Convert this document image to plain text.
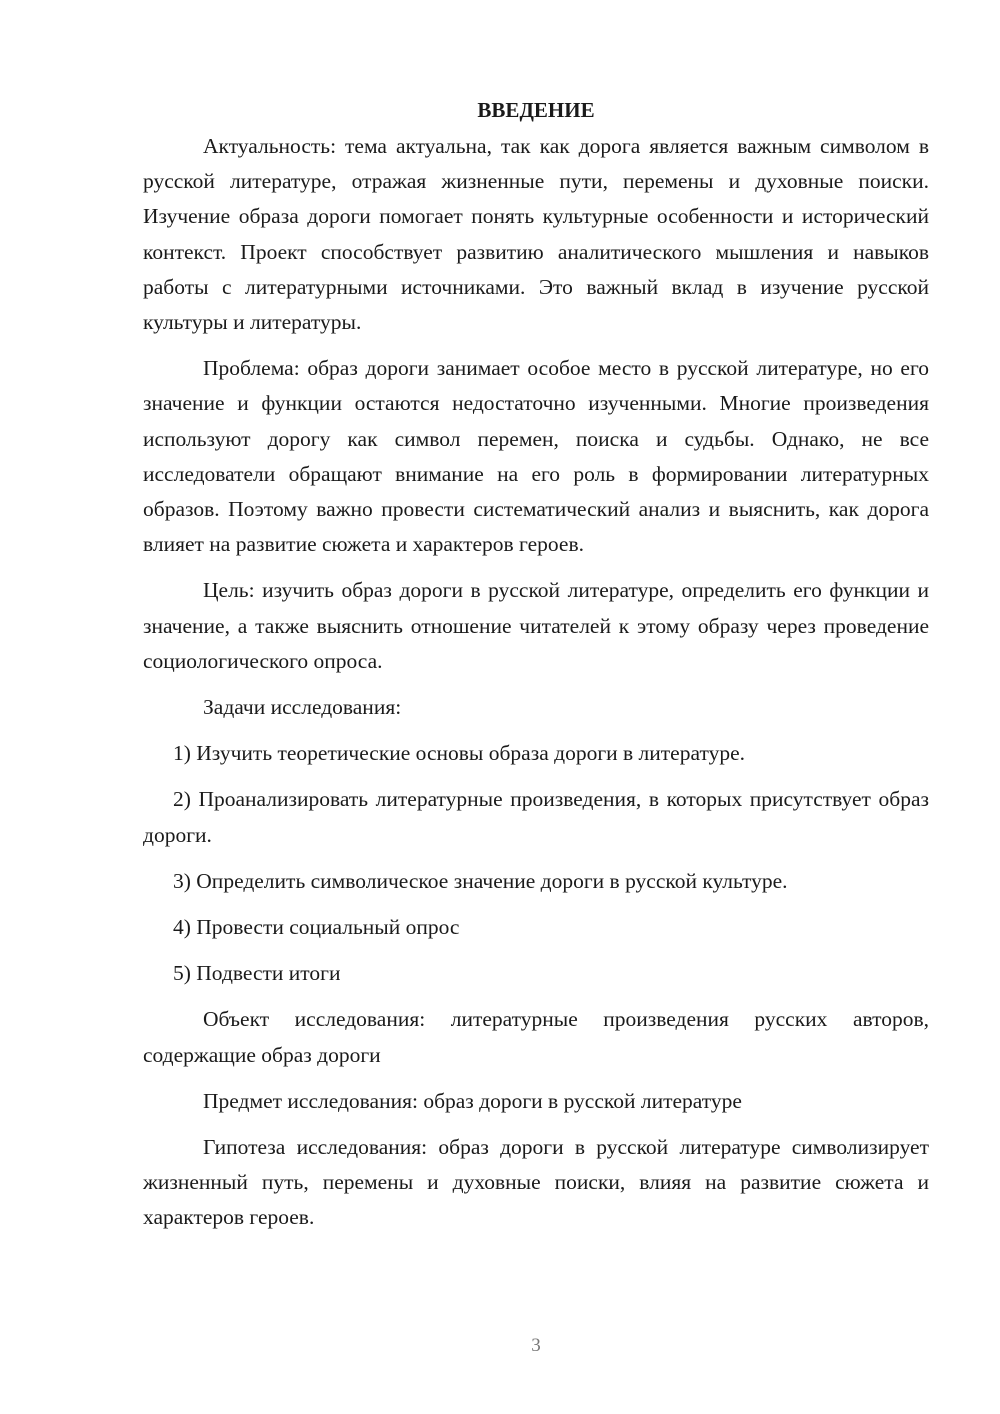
ВВЕДЕНИЕ

Актуальность: тема актуальна, так как дорога является важным символом в русской литературе, отражая жизненные пути, перемены и духовные поиски. Изучение образа дороги помогает понять культурные особенности и исторический контекст. Проект способствует развитию аналитического мышления и навыков работы с литературными источниками. Это важный вклад в изучение русской культуры и литературы.

Проблема: образ дороги занимает особое место в русской литературе, но его значение и функции остаются недостаточно изученными. Многие произведения используют дорогу как символ перемен, поиска и судьбы. Однако, не все исследователи обращают внимание на его роль в формировании литературных образов. Поэтому важно провести систематический анализ и выяснить, как дорога влияет на развитие сюжета и характеров героев.

Цель: изучить образ дороги в русской литературе, определить его функции и значение, а также выяснить отношение читателей к этому образу через проведение социологического опроса.

Задачи исследования:

1) Изучить теоретические основы образа дороги в литературе.

2) Проанализировать литературные произведения, в которых присутствует образ дороги.

3) Определить символическое значение дороги в русской культуре.

4) Провести социальный опрос

5) Подвести итоги

Объект исследования: литературные произведения русских авторов, содержащие образ дороги

Предмет исследования: образ дороги в русской литературе

Гипотеза исследования: образ дороги в русской литературе символизирует жизненный путь, перемены и духовные поиски, влияя на развитие сюжета и характеров героев.

3
